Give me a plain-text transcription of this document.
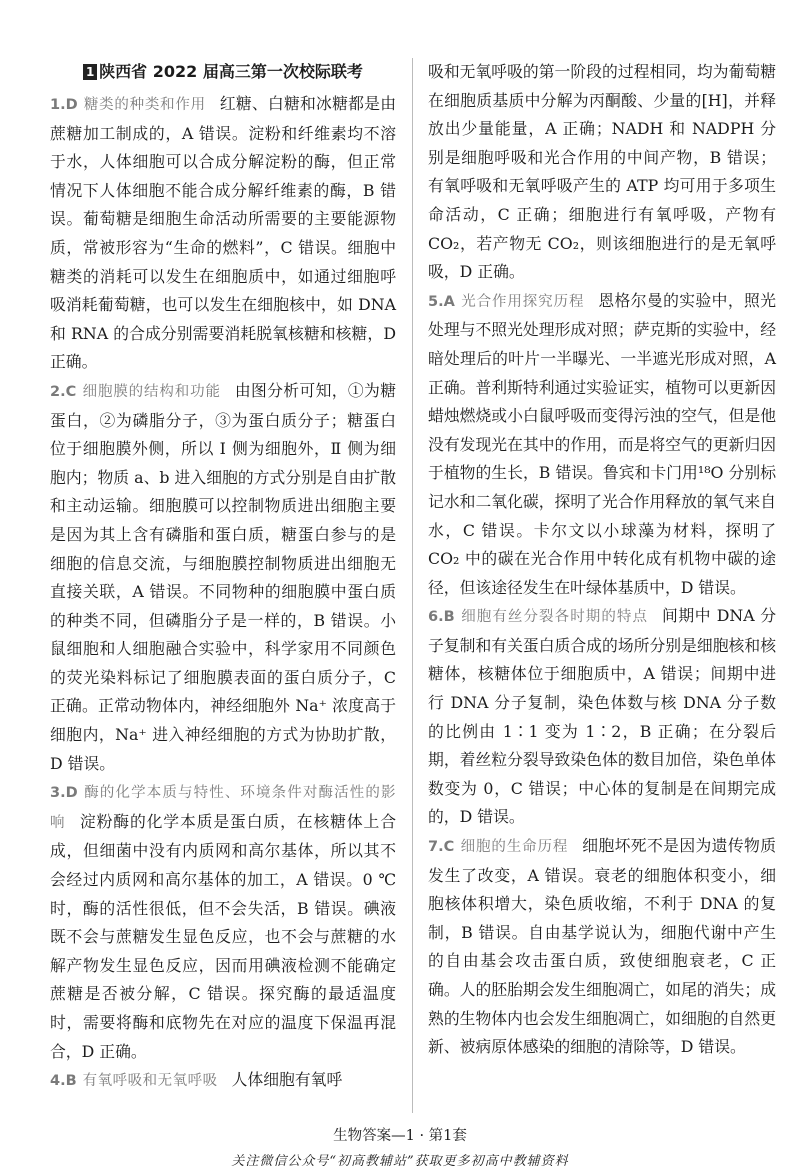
1 陕西省 2022 届高三第一次校际联考

1.D 糖类的种类和作用 红糖、白糖和冰糖都是由蔗糖加工制成的，A 错误。淀粉和纤维素均不溶于水，人体细胞可以合成分解淀粉的酶，但正常情况下人体细胞不能合成分解纤维素的酶，B 错误。葡萄糖是细胞生命活动所需要的主要能源物质，常被形容为“生命的燃料”，C 错误。细胞中糖类的消耗可以发生在细胞质中，如通过细胞呼吸消耗葡萄糖，也可以发生在细胞核中，如 DNA 和 RNA 的合成分别需要消耗脱氧核糖和核糖，D 正确。

2.C 细胞膜的结构和功能 由图分析可知，①为糖蛋白，②为磷脂分子，③为蛋白质分子；糖蛋白位于细胞膜外侧，所以 Ⅰ 侧为细胞外，Ⅱ 侧为细胞内；物质 a、b 进入细胞的方式分别是自由扩散和主动运输。细胞膜可以控制物质进出细胞主要是因为其上含有磷脂和蛋白质，糖蛋白参与的是细胞的信息交流，与细胞膜控制物质进出细胞无直接关联，A 错误。不同物种的细胞膜中蛋白质的种类不同，但磷脂分子是一样的，B 错误。小鼠细胞和人细胞融合实验中，科学家用不同颜色的荧光染料标记了细胞膜表面的蛋白质分子，C 正确。正常动物体内，神经细胞外 Na⁺ 浓度高于细胞内，Na⁺ 进入神经细胞的方式为协助扩散，D 错误。

3.D 酶的化学本质与特性、环境条件对酶活性的影响 淀粉酶的化学本质是蛋白质，在核糖体上合成，但细菌中没有内质网和高尔基体，所以其不会经过内质网和高尔基体的加工，A 错误。0 ℃时，酶的活性很低，但不会失活，B 错误。碘液既不会与蔗糖发生显色反应，也不会与蔗糖的水解产物发生显色反应，因而用碘液检测不能确定蔗糖是否被分解，C 错误。探究酶的最适温度时，需要将酶和底物先在对应的温度下保温再混合，D 正确。

4.B 有氧呼吸和无氧呼吸 人体细胞有氧呼

吸和无氧呼吸的第一阶段的过程相同，均为葡萄糖在细胞质基质中分解为丙酮酸、少量的[H]，并释放出少量能量，A 正确；NADH 和 NADPH 分别是细胞呼吸和光合作用的中间产物，B 错误；有氧呼吸和无氧呼吸产生的 ATP 均可用于多项生命活动，C 正确；细胞进行有氧呼吸，产物有 CO₂，若产物无 CO₂，则该细胞进行的是无氧呼吸，D 正确。

5.A 光合作用探究历程 恩格尔曼的实验中，照光处理与不照光处理形成对照；萨克斯的实验中，经暗处理后的叶片一半曝光、一半遮光形成对照，A 正确。普利斯特利通过实验证实，植物可以更新因蜡烛燃烧或小白鼠呼吸而变得污浊的空气，但是他没有发现光在其中的作用，而是将空气的更新归因于植物的生长，B 错误。鲁宾和卡门用¹⁸O 分别标记水和二氧化碳，探明了光合作用释放的氧气来自水，C 错误。卡尔文以小球藻为材料，探明了 CO₂ 中的碳在光合作用中转化成有机物中碳的途径，但该途径发生在叶绿体基质中，D 错误。

6.B 细胞有丝分裂各时期的特点 间期中 DNA 分子复制和有关蛋白质合成的场所分别是细胞核和核糖体，核糖体位于细胞质中，A 错误；间期中进行 DNA 分子复制，染色体数与核 DNA 分子数的比例由 1∶1 变为 1∶2，B 正确；在分裂后期，着丝粒分裂导致染色体的数目加倍，染色单体数变为 0，C 错误；中心体的复制是在间期完成的，D 错误。

7.C 细胞的生命历程 细胞坏死不是因为遗传物质发生了改变，A 错误。衰老的细胞体积变小，细胞核体积增大，染色质收缩，不利于 DNA 的复制，B 错误。自由基学说认为，细胞代谢中产生的自由基会攻击蛋白质，致使细胞衰老，C 正确。人的胚胎期会发生细胞凋亡，如尾的消失；成熟的生物体内也会发生细胞凋亡，如细胞的自然更新、被病原体感染的细胞的清除等，D 错误。

生物答案—1 · 第1套
关注微信公众号“初高教辅站”获取更多初高中教辅资料
